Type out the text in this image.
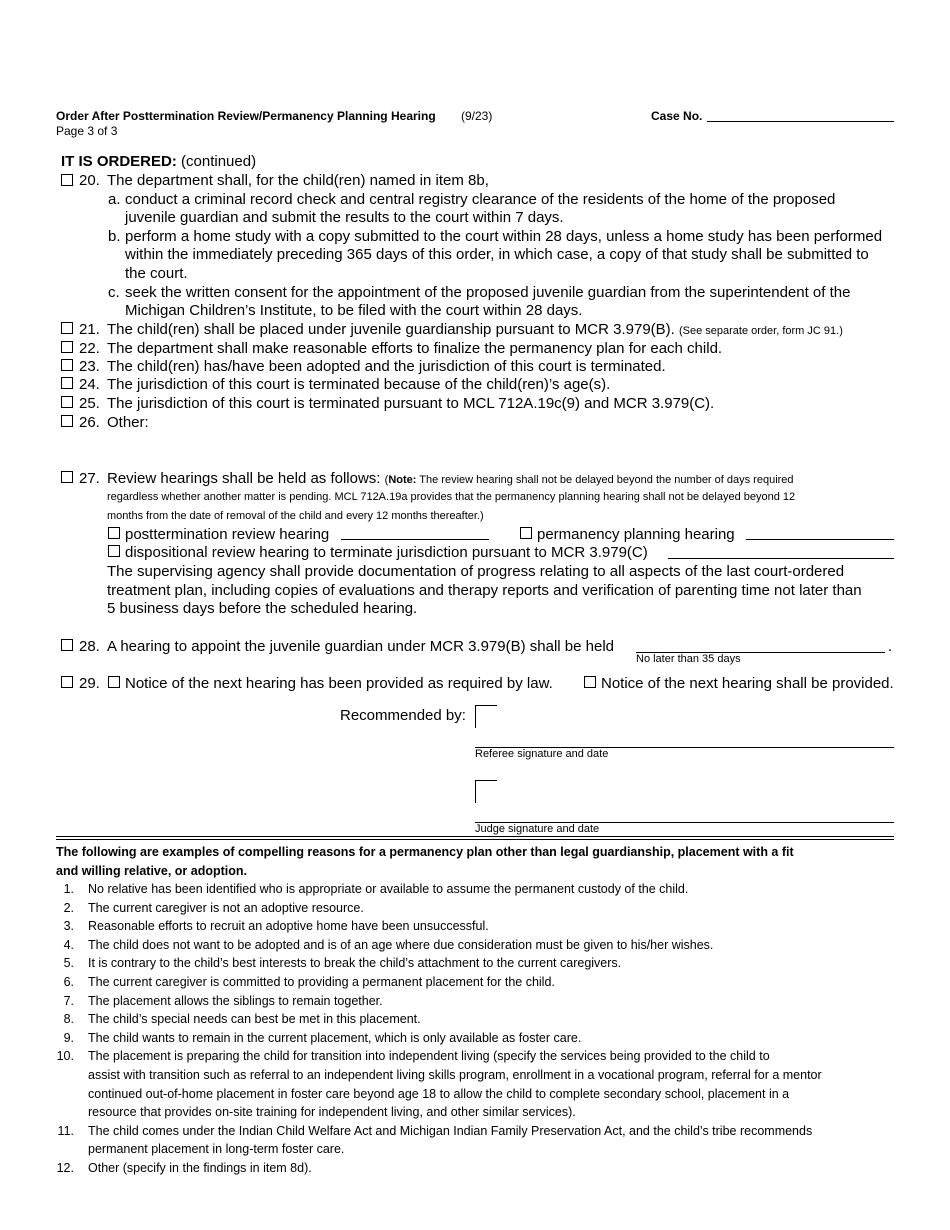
Order After Posttermination Review/Permanency Planning Hearing (9/23)
Page 3 of 3
Case No.
IT IS ORDERED: (continued)
20. The department shall, for the child(ren) named in item 8b,
a. conduct a criminal record check and central registry clearance of the residents of the home of the proposed
juvenile guardian and submit the results to the court within 7 days.
b. perform a home study with a copy submitted to the court within 28 days, unless a home study has been performed
within the immediately preceding 365 days of this order, in which case, a copy of that study shall be submitted to
the court.
c. seek the written consent for the appointment of the proposed juvenile guardian from the superintendent of the
Michigan Children’s Institute, to be filed with the court within 28 days.
21. The child(ren) shall be placed under juvenile guardianship pursuant to MCR 3.979(B). (See separate order, form JC 91.)
22. The department shall make reasonable efforts to finalize the permanency plan for each child.
23. The child(ren) has/have been adopted and the jurisdiction of this court is terminated.
24. The jurisdiction of this court is terminated because of the child(ren)’s age(s).
25. The jurisdiction of this court is terminated pursuant to MCL 712A.19c(9) and MCR 3.979(C).
26. Other:
27. Review hearings shall be held as follows: (Note: The review hearing shall not be delayed beyond the number of days required
regardless whether another matter is pending. MCL 712A.19a provides that the permanency planning hearing shall not be delayed beyond 12
months from the date of removal of the child and every 12 months thereafter.)
posttermination review hearing	permanency planning hearing
dispositional review hearing to terminate jurisdiction pursuant to MCR 3.979(C)
The supervising agency shall provide documentation of progress relating to all aspects of the last court-ordered
treatment plan, including copies of evaluations and therapy reports and verification of parenting time not later than
5 business days before the scheduled hearing.
28. A hearing to appoint the juvenile guardian under MCR 3.979(B) shall be held	.
No later than 35 days
29. Notice of the next hearing has been provided as required by law.	Notice of the next hearing shall be provided.
Recommended by:
Referee signature and date
Judge signature and date
The following are examples of compelling reasons for a permanency plan other than legal guardianship, placement with a fit
and willing relative, or adoption.
1. No relative has been identified who is appropriate or available to assume the permanent custody of the child.
2. The current caregiver is not an adoptive resource.
3. Reasonable efforts to recruit an adoptive home have been unsuccessful.
4. The child does not want to be adopted and is of an age where due consideration must be given to his/her wishes.
5. It is contrary to the child’s best interests to break the child’s attachment to the current caregivers.
6. The current caregiver is committed to providing a permanent placement for the child.
7. The placement allows the siblings to remain together.
8. The child’s special needs can best be met in this placement.
9. The child wants to remain in the current placement, which is only available as foster care.
10. The placement is preparing the child for transition into independent living (specify the services being provided to the child to
assist with transition such as referral to an independent living skills program, enrollment in a vocational program, referral for a mentor
continued out-of-home placement in foster care beyond age 18 to allow the child to complete secondary school, placement in a
resource that provides on-site training for independent living, and other similar services).
11. The child comes under the Indian Child Welfare Act and Michigan Indian Family Preservation Act, and the child’s tribe recommends
permanent placement in long-term foster care.
12. Other (specify in the findings in item 8d).
